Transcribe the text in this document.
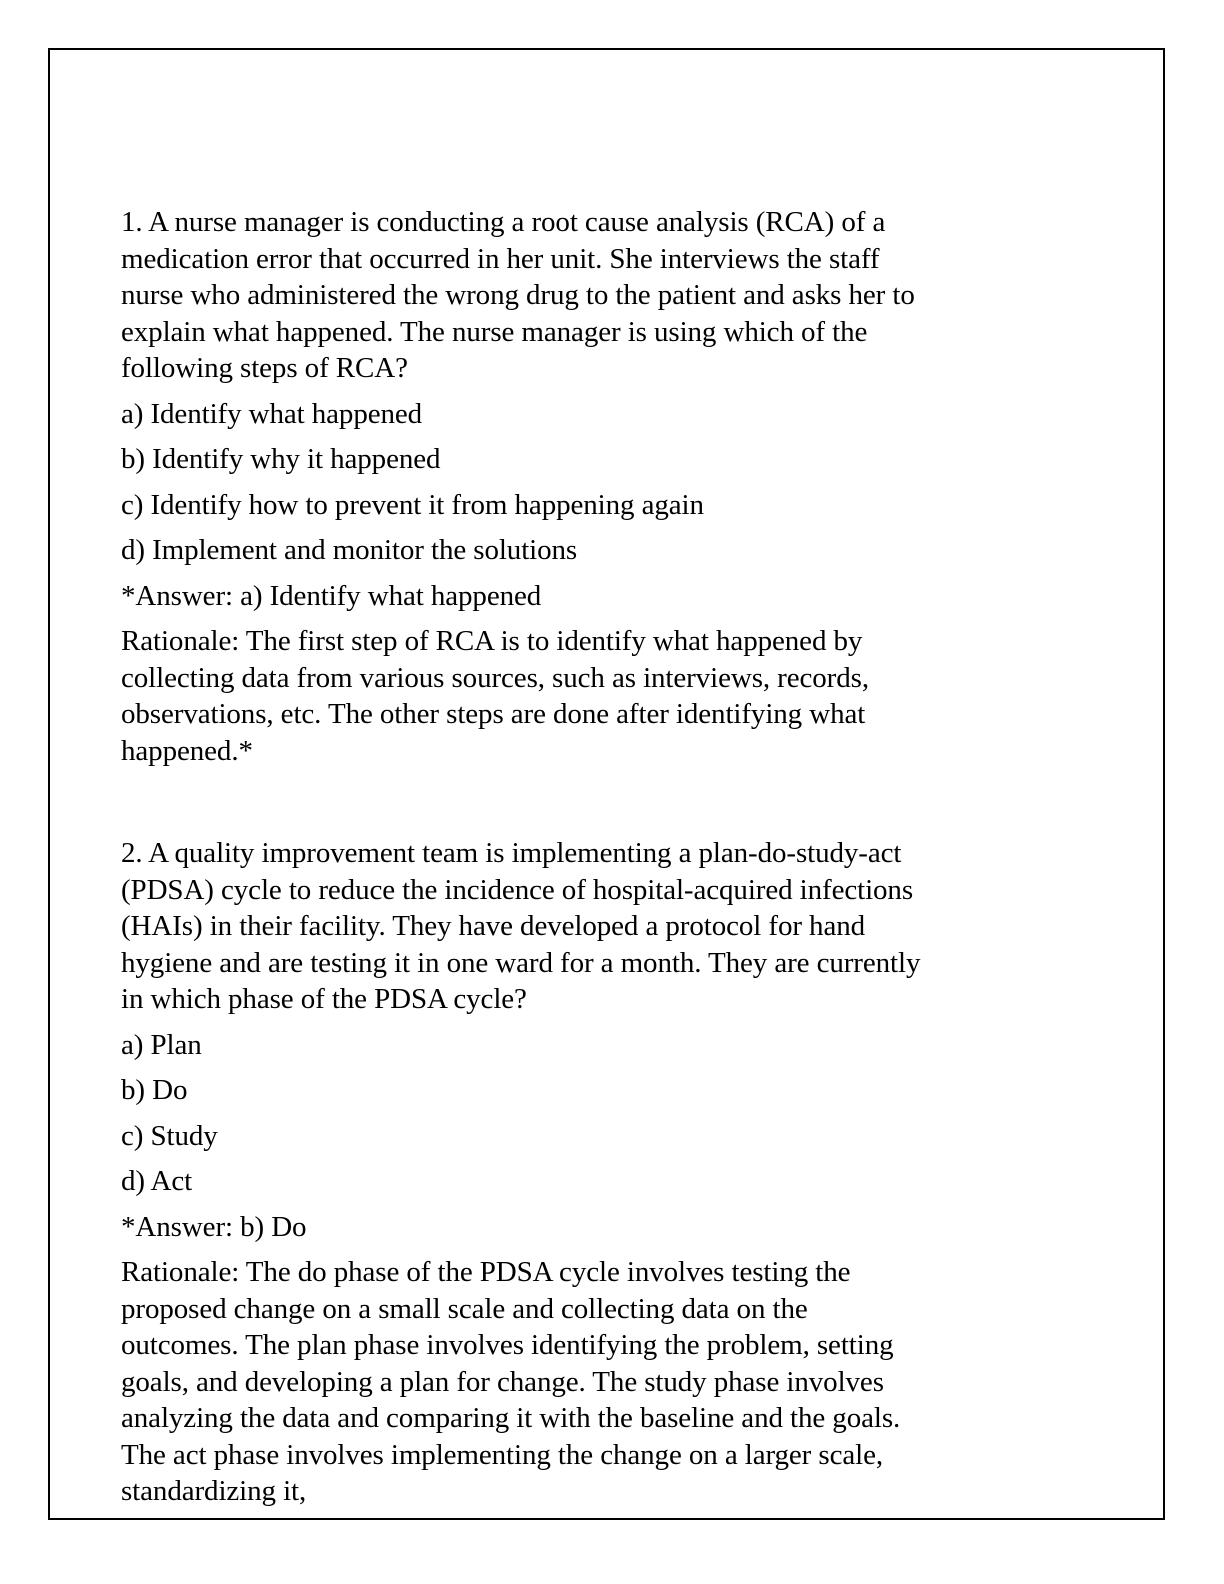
1. A nurse manager is conducting a root cause analysis (RCA) of a medication error that occurred in her unit. She interviews the staff nurse who administered the wrong drug to the patient and asks her to explain what happened. The nurse manager is using which of the following steps of RCA?
a) Identify what happened
b) Identify why it happened
c) Identify how to prevent it from happening again
d) Implement and monitor the solutions
*Answer: a) Identify what happened
Rationale: The first step of RCA is to identify what happened by collecting data from various sources, such as interviews, records, observations, etc. The other steps are done after identifying what happened.*
2. A quality improvement team is implementing a plan-do-study-act (PDSA) cycle to reduce the incidence of hospital-acquired infections (HAIs) in their facility. They have developed a protocol for hand hygiene and are testing it in one ward for a month. They are currently in which phase of the PDSA cycle?
a) Plan
b) Do
c) Study
d) Act
*Answer: b) Do
Rationale: The do phase of the PDSA cycle involves testing the proposed change on a small scale and collecting data on the outcomes. The plan phase involves identifying the problem, setting goals, and developing a plan for change. The study phase involves analyzing the data and comparing it with the baseline and the goals. The act phase involves implementing the change on a larger scale, standardizing it,
